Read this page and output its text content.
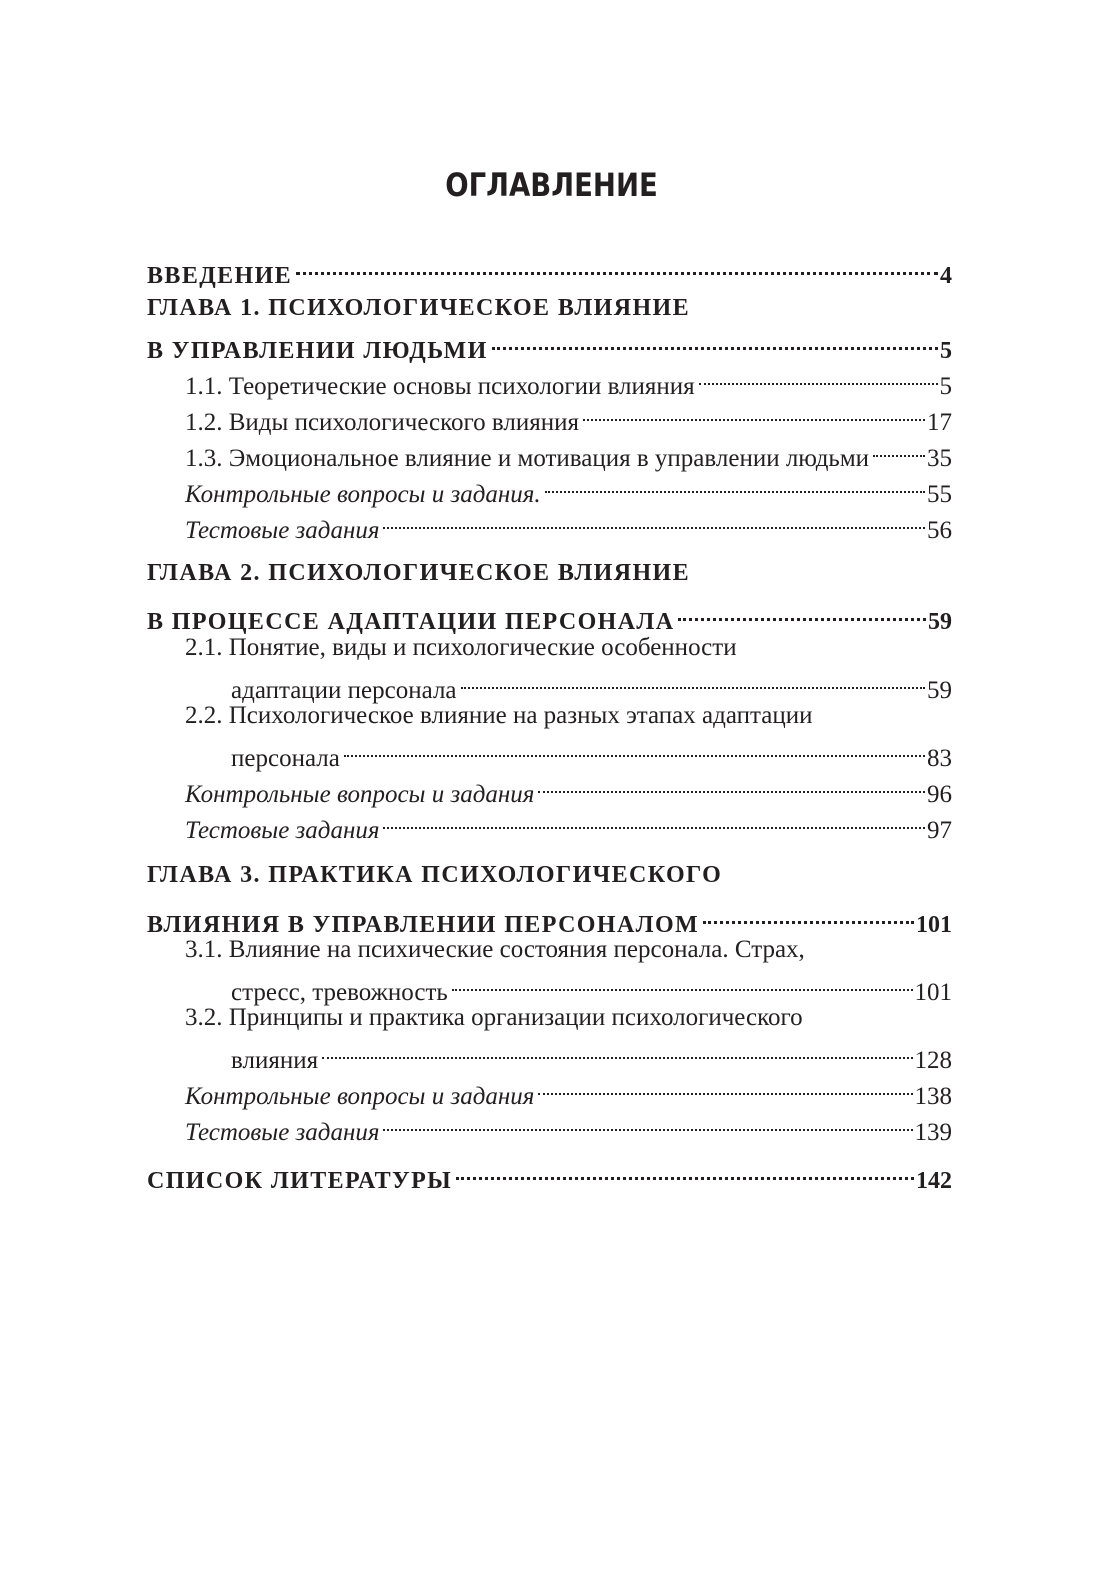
ОГЛАВЛЕНИЕ
ВВЕДЕНИЕ	4
ГЛАВА 1. ПСИХОЛОГИЧЕСКОЕ ВЛИЯНИЕ
В УПРАВЛЕНИИ ЛЮДЬМИ	5
1.1.
Теоретические основы психологии влияния	5
1.2.
Виды психологического влияния	17
1.3.
Эмоциональное влияние и мотивация в управлении людьми 35
Контрольные вопросы и задания.	55
Тестовые задания	56
ГЛАВА 2. ПСИХОЛОГИЧЕСКОЕ ВЛИЯНИЕ
В ПРОЦЕССЕ АДАПТАЦИИ ПЕРСОНАЛА	59
2.1. Понятие, виды и психологические особенности
адаптации персонала	59
2.2. Психологическое влияние на разных этапах адаптации
персонала	83
Контрольные вопросы и задания	96
Тестовые задания	97
ГЛАВА 3. ПРАКТИКА ПСИХОЛОГИЧЕСКОГО
ВЛИЯНИЯ В УПРАВЛЕНИИ ПЕРСОНАЛОМ	101
3.1. Влияние на психические состояния персонала. Страх,
стресс, тревожность	101
3.2. Принципы и практика организации психологического
влияния	128
Контрольные вопросы и задания	138
Тестовые задания	139
СПИСОК ЛИТЕРАТУРЫ	142
